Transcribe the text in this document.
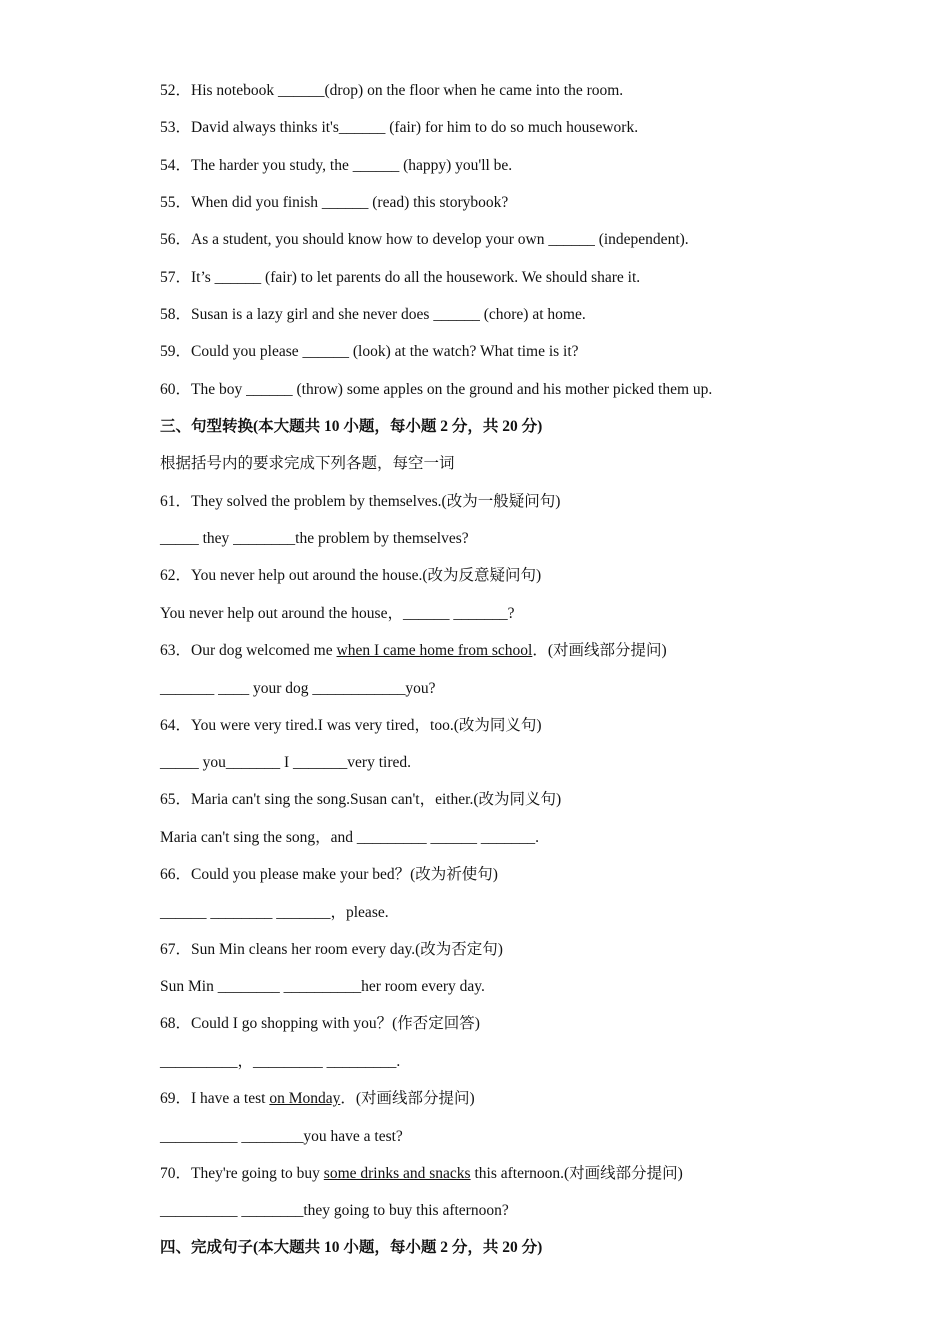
52．His notebook ______(drop) on the floor when he came into the room.
53．David always thinks it's______ (fair) for him to do so much housework.
54．The harder you study, the ______ (happy) you'll be.
55．When did you finish ______ (read) this storybook?
56．As a student, you should know how to develop your own ______ (independent).
57．It’s ______ (fair) to let parents do all the housework. We should share it.
58．Susan is a lazy girl and she never does ______ (chore) at home.
59．Could you please ______ (look) at the watch? What time is it?
60．The boy ______ (throw) some apples on the ground and his mother picked them up.
三、句型转换(本大题共 10 小题，每小题 2 分，共 20 分)
根据括号内的要求完成下列各题，每空一词
61．They solved the problem by themselves.(改为一般疑问句)
_____ they ________the problem by themselves?
62．You never help out around the house.(改为反意疑问句)
You never help out around the house，______ _______?
63．Our dog welcomed me when I came home from school．(对画线部分提问)
_______ ____ your dog ____________you?
64．You were very tired.I was very tired，too.(改为同义句)
_____ you_______ I _______very tired.
65．Maria can't sing the song.Susan can't，either.(改为同义句)
Maria can't sing the song，and _________ ______ _______.
66．Could you please make your bed？(改为祈使句)
______ ________ _______，please.
67．Sun Min cleans her room every day.(改为否定句)
Sun Min ________ __________her room every day.
68．Could I go shopping with you？(作否定回答)
__________，_________ _________.
69．I have a test on Monday．(对画线部分提问)
__________ ________you have a test?
70．They're going to buy some drinks and snacks this afternoon.(对画线部分提问)
__________ ________they going to buy this afternoon?
四、完成句子(本大题共 10 小题，每小题 2 分，共 20 分)
